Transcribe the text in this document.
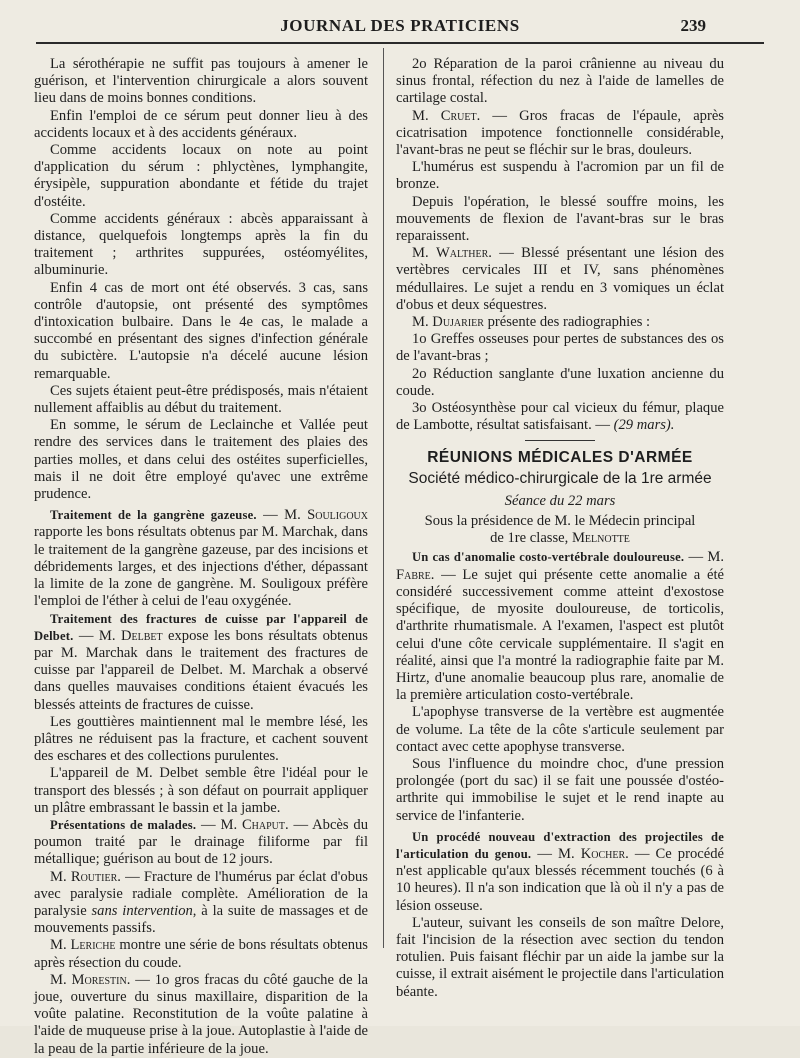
JOURNAL DES PRATICIENS	239

La sérothérapie ne suffit pas toujours à amener le guérison, et l'intervention chirurgicale a alors souvent lieu dans de moins bonnes conditions.

Enfin l'emploi de ce sérum peut donner lieu à des accidents locaux et à des accidents généraux.

Comme accidents locaux on note au point d'application du sérum : phlyctènes, lymphangite, érysipèle, suppuration abondante et fétide du trajet d'ostéite.

Comme accidents généraux : abcès apparaissant à distance, quelquefois longtemps après la fin du traitement ; arthrites suppurées, ostéomyélites, albuminurie.

Enfin 4 cas de mort ont été observés. 3 cas, sans contrôle d'autopsie, ont présenté des symptômes d'intoxication bulbaire. Dans le 4e cas, le malade a succombé en présentant des signes d'infection générale du subictère. L'autopsie n'a décelé aucune lésion remarquable.

Ces sujets étaient peut-être prédisposés, mais n'étaient nullement affaiblis au début du traitement.

En somme, le sérum de Leclainche et Vallée peut rendre des services dans le traitement des plaies des parties molles, et dans celui des ostéites superficielles, mais il ne doit être employé qu'avec une extrême prudence.

Traitement de la gangrène gazeuse. — M. Souligoux rapporte les bons résultats obtenus par M. Marchak, dans le traitement de la gangrène gazeuse, par des incisions et débridements larges, et des injections d'éther, dépassant la limite de la zone de gangrène. M. Souligoux préfère l'emploi de l'éther à celui de l'eau oxygénée.

Traitement des fractures de cuisse par l'appareil de Delbet. — M. Delbet expose les bons résultats obtenus par M. Marchak dans le traitement des fractures de cuisse par l'appareil de Delbet. M. Marchak a observé dans quelles mauvaises conditions étaient évacués les blessés atteints de fractures de cuisse.

Les gouttières maintiennent mal le membre lésé, les plâtres ne réduisent pas la fracture, et cachent souvent des eschares et des collections purulentes.

L'appareil de M. Delbet semble être l'idéal pour le transport des blessés ; à son défaut on pourrait appliquer un plâtre embrassant le bassin et la jambe.

Présentations de malades. — M. Chaput. — Abcès du poumon traité par le drainage filiforme par fil métallique; guérison au bout de 12 jours.

M. Routier. — Fracture de l'humérus par éclat d'obus avec paralysie radiale complète. Amélioration de la paralysie sans intervention, à la suite de massages et de mouvements passifs.

M. Leriche montre une série de bons résultats obtenus après résection du coude.

M. Morestin. — 1o gros fracas du côté gauche de la joue, ouverture du sinus maxillaire, disparition de la voûte palatine. Reconstitution de la voûte palatine à l'aide de muqueuse prise à la joue. Autoplastie à l'aide de la peau de la partie inférieure de la joue.

2o Réparation de la paroi crânienne au niveau du sinus frontal, réfection du nez à l'aide de lamelles de cartilage costal.

M. Cruet. — Gros fracas de l'épaule, après cicatrisation impotence fonctionnelle considérable, l'avant-bras ne peut se fléchir sur le bras, douleurs.

L'humérus est suspendu à l'acromion par un fil de bronze.

Depuis l'opération, le blessé souffre moins, les mouvements de flexion de l'avant-bras sur le bras reparaissent.

M. Walther. — Blessé présentant une lésion des vertèbres cervicales III et IV, sans phénomènes médullaires. Le sujet a rendu en 3 vomiques un éclat d'obus et deux séquestres.

M. Dujarier présente des radiographies :

1o Greffes osseuses pour pertes de substances des os de l'avant-bras ;

2o Réduction sanglante d'une luxation ancienne du coude.

3o Ostéosynthèse pour cal vicieux du fémur, plaque de Lambotte, résultat satisfaisant. — (29 mars).

RÉUNIONS MÉDICALES D'ARMÉE
Société médico-chirurgicale de la 1re armée

Séance du 22 mars

Sous la présidence de M. le Médecin principal

de 1re classe, Melnotte

Un cas d'anomalie costo-vertébrale douloureuse. — M. Fabre. — Le sujet qui présente cette anomalie a été considéré successivement comme atteint d'exostose spécifique, de myosite douloureuse, de torticolis, d'arthrite rhumatismale. A l'examen, l'aspect est plutôt celui d'une côte cervicale supplémentaire. Il s'agit en réalité, ainsi que l'a montré la radiographie faite par M. Hirtz, d'une anomalie beaucoup plus rare, anomalie de la première articulation costo-vertébrale.

L'apophyse transverse de la vertèbre est augmentée de volume. La tête de la côte s'articule seulement par contact avec cette apophyse transverse.

Sous l'influence du moindre choc, d'une pression prolongée (port du sac) il se fait une poussée d'ostéo-arthrite qui immobilise le sujet et le rend inapte au service de l'infanterie.

Un procédé nouveau d'extraction des projectiles de l'articulation du genou. — M. Kocher. — Ce procédé n'est applicable qu'aux blessés récemment touchés (6 à 10 heures). Il n'a son indication que là où il n'y a pas de lésion osseuse.

L'auteur, suivant les conseils de son maître Delore, fait l'incision de la résection avec section du tendon rotulien. Puis faisant fléchir par un aide la jambe sur la cuisse, il extrait aisément le projectile dans l'articulation béante.
